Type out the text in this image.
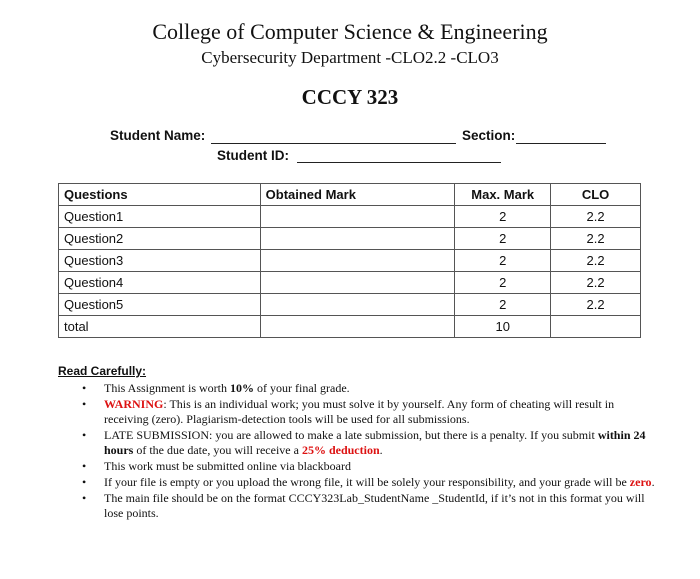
College of Computer Science & Engineering
Cybersecurity Department -CLO2.2 -CLO3
CCCY 323
Student Name:	Section:
Student ID:
Questions	Obtained Mark	Max. Mark	CLO
Question1		2	2.2
Question2		2	2.2
Question3		2	2.2
Question4		2	2.2
Question5		2	2.2
total		10	
Read Carefully:
• This Assignment is worth 10% of your final grade.
• WARNING: This is an individual work; you must solve it by yourself. Any form of cheating will result in receiving (zero). Plagiarism-detection tools will be used for all submissions.
• LATE SUBMISSION: you are allowed to make a late submission, but there is a penalty. If you submit within 24 hours of the due date, you will receive a 25% deduction.
• This work must be submitted online via blackboard
• If your file is empty or you upload the wrong file, it will be solely your responsibility, and your grade will be zero.
• The main file should be on the format CCCY323Lab_StudentName _StudentId, if it’s not in this format you will lose points.
